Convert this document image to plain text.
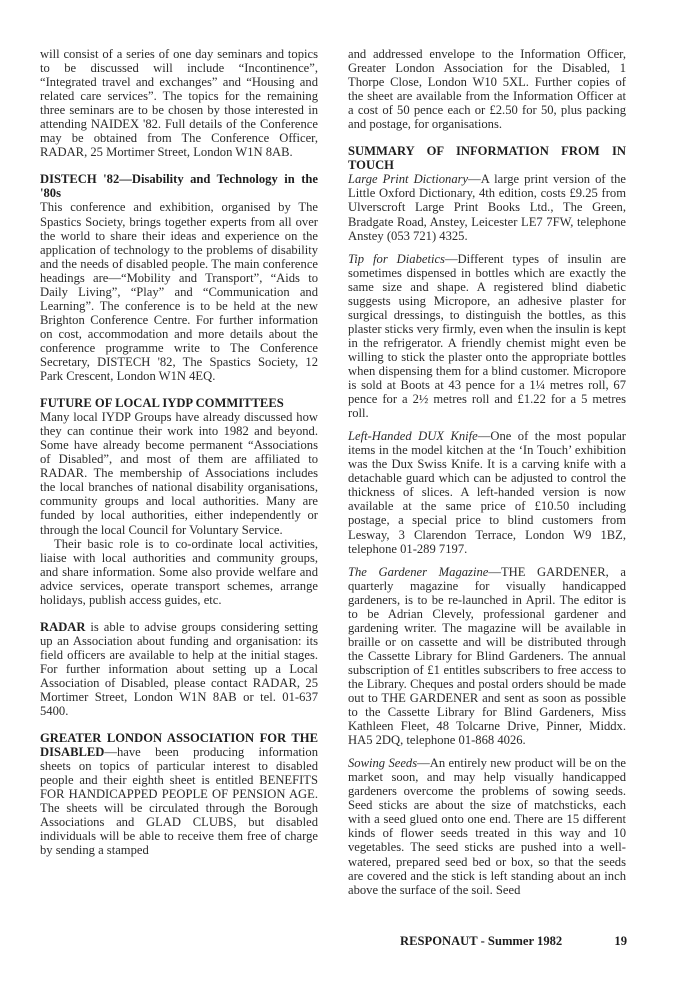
will consist of a series of one day seminars and topics to be discussed will include “Incontinence”, “Integrated travel and exchanges” and “Housing and related care services”. The topics for the remaining three seminars are to be chosen by those interested in attending NAIDEX '82. Full details of the Conference may be obtained from The Conference Officer, RADAR, 25 Mortimer Street, London W1N 8AB.

DISTECH '82—Disability and Technology in the '80s

This conference and exhibition, organised by The Spastics Society, brings together experts from all over the world to share their ideas and experience on the application of technology to the problems of disability and the needs of disabled people. The main conference headings are—“Mobility and Transport”, “Aids to Daily Living”, “Play” and “Communication and Learning”. The conference is to be held at the new Brighton Conference Centre. For further information on cost, accommodation and more details about the conference programme write to The Conference Secretary, DISTECH '82, The Spastics Society, 12 Park Crescent, London W1N 4EQ.

FUTURE OF LOCAL IYDP COMMITTEES

Many local IYDP Groups have already discussed how they can continue their work into 1982 and beyond. Some have already become permanent “Associations of Disabled”, and most of them are affiliated to RADAR. The membership of Associations includes the local branches of national disability organisations, community groups and local authorities. Many are funded by local authorities, either independently or through the local Council for Voluntary Service.

Their basic role is to co-ordinate local activities, liaise with local authorities and community groups, and share information. Some also provide welfare and advice services, operate transport schemes, arrange holidays, publish access guides, etc.

RADAR is able to advise groups considering setting up an Association about funding and organisation: its field officers are available to help at the initial stages. For further information about setting up a Local Association of Disabled, please contact RADAR, 25 Mortimer Street, London W1N 8AB or tel. 01-637 5400.

GREATER LONDON ASSOCIATION FOR THE DISABLED—have been producing information sheets on topics of particular interest to disabled people and their eighth sheet is entitled BENEFITS FOR HANDICAPPED PEOPLE OF PENSION AGE. The sheets will be circulated through the Borough Associations and GLAD CLUBS, but disabled individuals will be able to receive them free of charge by sending a stamped

and addressed envelope to the Information Officer, Greater London Association for the Disabled, 1 Thorpe Close, London W10 5XL. Further copies of the sheet are available from the Information Officer at a cost of 50 pence each or £2.50 for 50, plus packing and postage, for organisations.

SUMMARY OF INFORMATION FROM IN TOUCH

Large Print Dictionary—A large print version of the Little Oxford Dictionary, 4th edition, costs £9.25 from Ulverscroft Large Print Books Ltd., The Green, Bradgate Road, Anstey, Leicester LE7 7FW, telephone Anstey (053 721) 4325.

Tip for Diabetics—Different types of insulin are sometimes dispensed in bottles which are exactly the same size and shape. A registered blind diabetic suggests using Micropore, an adhesive plaster for surgical dressings, to distinguish the bottles, as this plaster sticks very firmly, even when the insulin is kept in the refrigerator. A friendly chemist might even be willing to stick the plaster onto the appropriate bottles when dispensing them for a blind customer. Micropore is sold at Boots at 43 pence for a 1¼ metres roll, 67 pence for a 2½ metres roll and £1.22 for a 5 metres roll.

Left-Handed DUX Knife—One of the most popular items in the model kitchen at the ‘In Touch’ exhibition was the Dux Swiss Knife. It is a carving knife with a detachable guard which can be adjusted to control the thickness of slices. A left-handed version is now available at the same price of £10.50 including postage, a special price to blind customers from Lesway, 3 Clarendon Terrace, London W9 1BZ, telephone 01-289 7197.

The Gardener Magazine—THE GARDENER, a quarterly magazine for visually handicapped gardeners, is to be re-launched in April. The editor is to be Adrian Clevely, professional gardener and gardening writer. The magazine will be available in braille or on cassette and will be distributed through the Cassette Library for Blind Gardeners. The annual subscription of £1 entitles subscribers to free access to the Library. Cheques and postal orders should be made out to THE GARDENER and sent as soon as possible to the Cassette Library for Blind Gardeners, Miss Kathleen Fleet, 48 Tolcarne Drive, Pinner, Middx. HA5 2DQ, telephone 01-868 4026.

Sowing Seeds—An entirely new product will be on the market soon, and may help visually handicapped gardeners overcome the problems of sowing seeds. Seed sticks are about the size of matchsticks, each with a seed glued onto one end. There are 15 different kinds of flower seeds treated in this way and 10 vegetables. The seed sticks are pushed into a well-watered, prepared seed bed or box, so that the seeds are covered and the stick is left standing about an inch above the surface of the soil. Seed

RESPONAUT - Summer 1982	19
